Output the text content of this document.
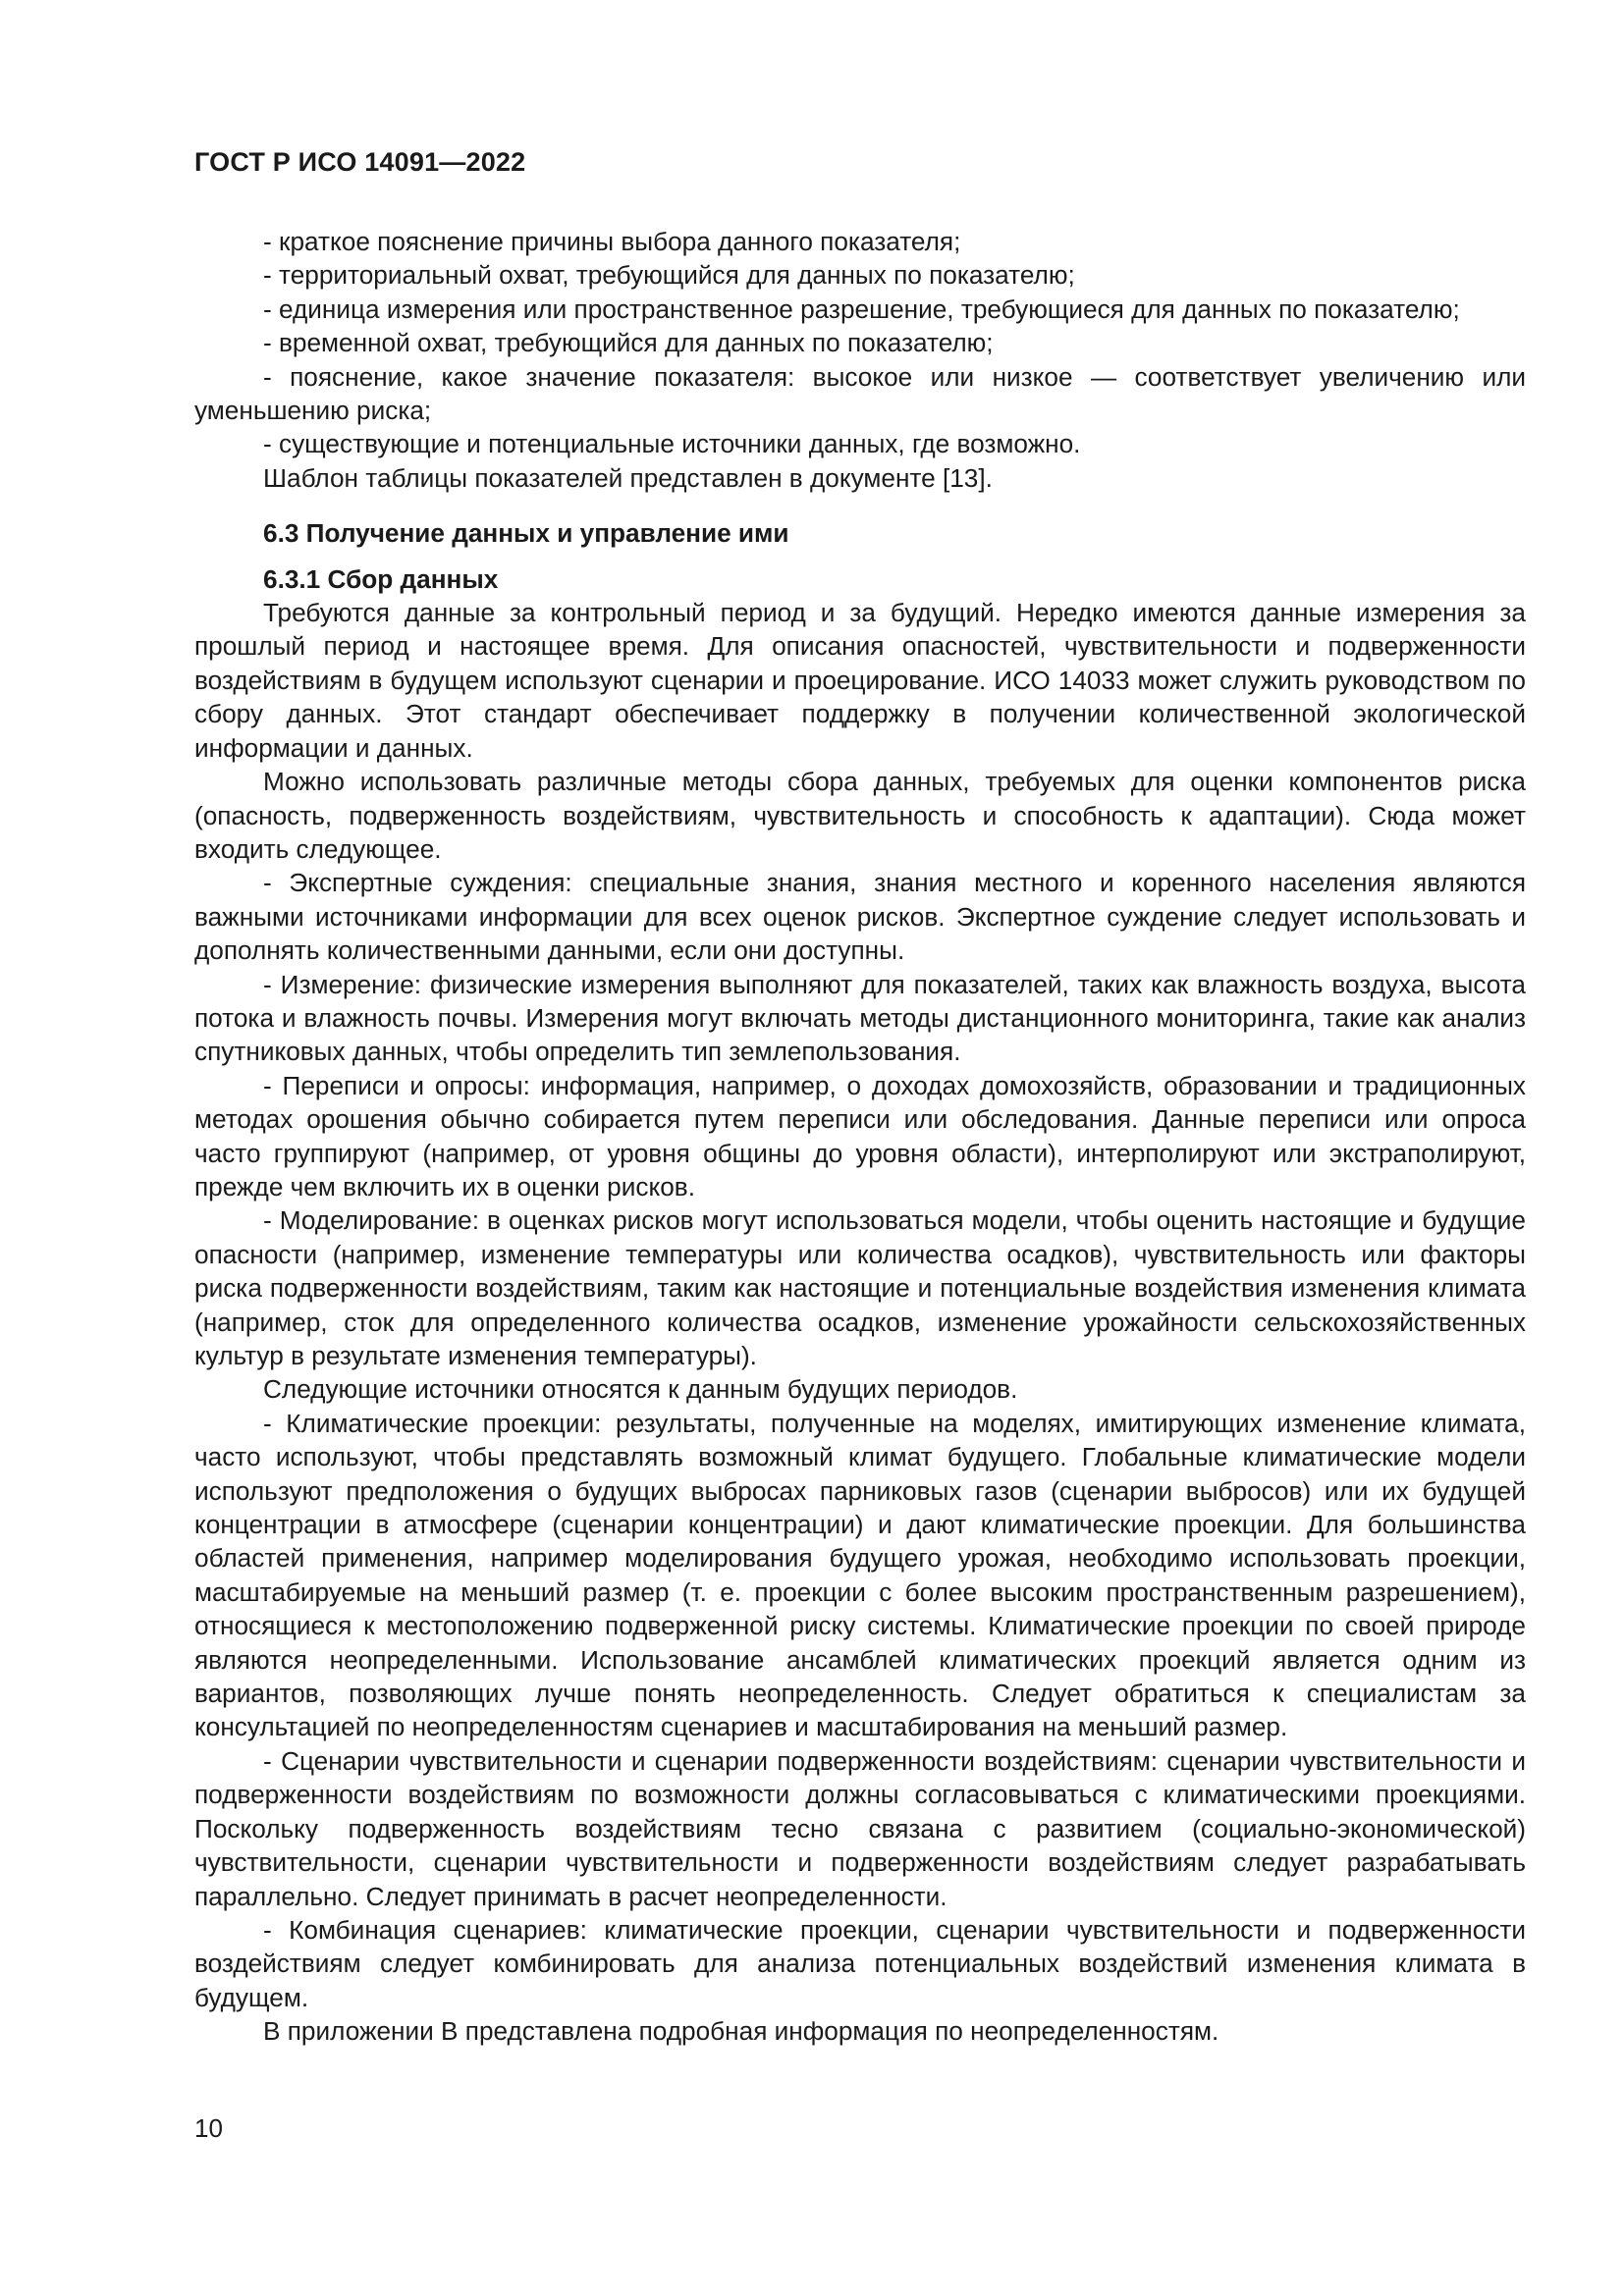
ГОСТ Р ИСО 14091—2022

- краткое пояснение причины выбора данного показателя;

- территориальный охват, требующийся для данных по показателю;

- единица измерения или пространственное разрешение, требующиеся для данных по показателю;

- временной охват, требующийся для данных по показателю;

- пояснение, какое значение показателя: высокое или низкое — соответствует увеличению или уменьшению риска;

- существующие и потенциальные источники данных, где возможно.

Шаблон таблицы показателей представлен в документе [13].

6.3 Получение данных и управление ими

6.3.1 Сбор данных

Требуются данные за контрольный период и за будущий. Нередко имеются данные измерения за прошлый период и настоящее время. Для описания опасностей, чувствительности и подверженности воздействиям в будущем используют сценарии и проецирование. ИСО 14033 может служить руководством по сбору данных. Этот стандарт обеспечивает поддержку в получении количественной экологической информации и данных.

Можно использовать различные методы сбора данных, требуемых для оценки компонентов риска (опасность, подверженность воздействиям, чувствительность и способность к адаптации). Сюда может входить следующее.

- Экспертные суждения: специальные знания, знания местного и коренного населения являются важными источниками информации для всех оценок рисков. Экспертное суждение следует использовать и дополнять количественными данными, если они доступны.

- Измерение: физические измерения выполняют для показателей, таких как влажность воздуха, высота потока и влажность почвы. Измерения могут включать методы дистанционного мониторинга, такие как анализ спутниковых данных, чтобы определить тип землепользования.

- Переписи и опросы: информация, например, о доходах домохозяйств, образовании и традиционных методах орошения обычно собирается путем переписи или обследования. Данные переписи или опроса часто группируют (например, от уровня общины до уровня области), интерполируют или экстраполируют, прежде чем включить их в оценки рисков.

- Моделирование: в оценках рисков могут использоваться модели, чтобы оценить настоящие и будущие опасности (например, изменение температуры или количества осадков), чувствительность или факторы риска подверженности воздействиям, таким как настоящие и потенциальные воздействия изменения климата (например, сток для определенного количества осадков, изменение урожайности сельскохозяйственных культур в результате изменения температуры).

Следующие источники относятся к данным будущих периодов.

- Климатические проекции: результаты, полученные на моделях, имитирующих изменение климата, часто используют, чтобы представлять возможный климат будущего. Глобальные климатические модели используют предположения о будущих выбросах парниковых газов (сценарии выбросов) или их будущей концентрации в атмосфере (сценарии концентрации) и дают климатические проекции. Для большинства областей применения, например моделирования будущего урожая, необходимо использовать проекции, масштабируемые на меньший размер (т. е. проекции с более высоким пространственным разрешением), относящиеся к местоположению подверженной риску системы. Климатические проекции по своей природе являются неопределенными. Использование ансамблей климатических проекций является одним из вариантов, позволяющих лучше понять неопределенность. Следует обратиться к специалистам за консультацией по неопределенностям сценариев и масштабирования на меньший размер.

- Сценарии чувствительности и сценарии подверженности воздействиям: сценарии чувствительности и подверженности воздействиям по возможности должны согласовываться с климатическими проекциями. Поскольку подверженность воздействиям тесно связана с развитием (социально-экономической) чувствительности, сценарии чувствительности и подверженности воздействиям следует разрабатывать параллельно. Следует принимать в расчет неопределенности.

- Комбинация сценариев: климатические проекции, сценарии чувствительности и подверженности воздействиям следует комбинировать для анализа потенциальных воздействий изменения климата в будущем.

В приложении В представлена подробная информация по неопределенностям.

10
